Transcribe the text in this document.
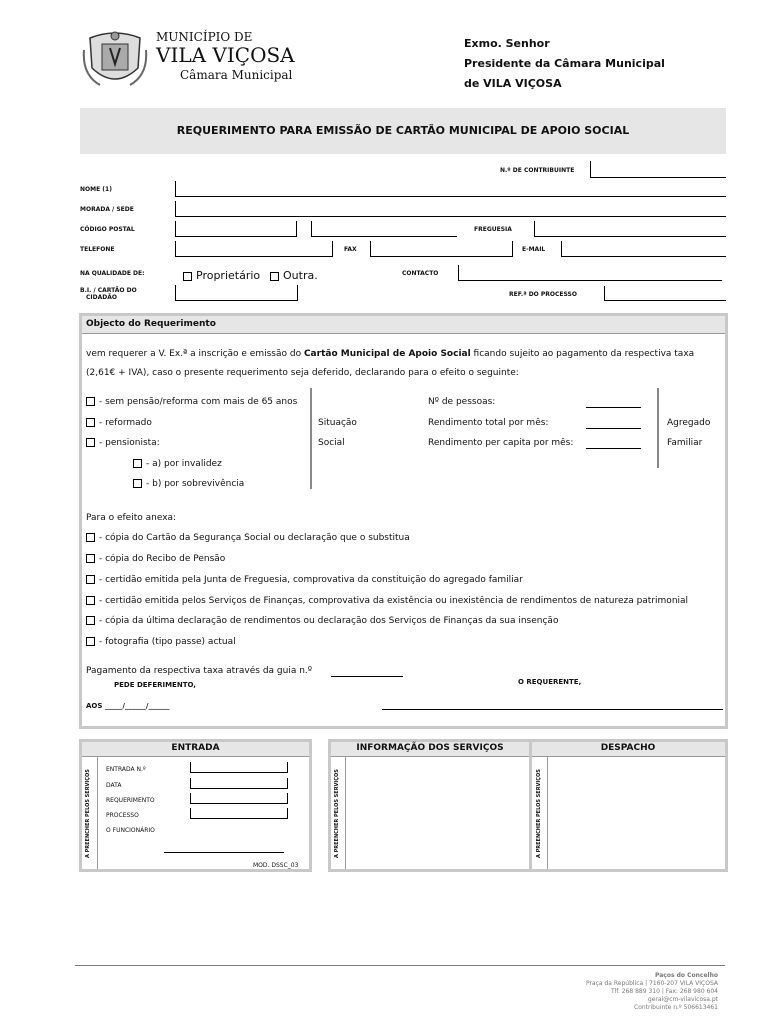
MUNICÍPIO DE
VILA VIÇOSA
Câmara Municipal
Exmo. Senhor
Presidente da Câmara Municipal
de VILA VIÇOSA
REQUERIMENTO PARA EMISSÃO DE CARTÃO MUNICIPAL DE APOIO SOCIAL
N.º DE CONTRIBUINTE
NOME (1)
MORADA / SEDE
CÓDIGO POSTAL	FREGUESIA
TELEFONE	FAX	E-MAIL
NA QUALIDADE DE:	Proprietário	Outra.	CONTACTO
B.I. / CARTÃO DO
CIDADÃO	REF.ª DO PROCESSO
Objecto do Requerimento
vem requerer a V. Ex.ª a inscrição e emissão do Cartão Municipal de Apoio Social ficando sujeito ao pagamento da respectiva taxa
(2,61€ + IVA), caso o presente requerimento seja deferido, declarando para o efeito o seguinte:
- sem pensão/reforma com mais de 65 anos
- reformado
- pensionista:
- a) por invalidez
- b) por sobrevivência
Situação
Social
Nº de pessoas:
Rendimento total por mês:
Rendimento per capita por mês:
Agregado
Familiar
Para o efeito anexa:
- cópia do Cartão da Segurança Social ou declaração que o substitua
- cópia do Recibo de Pensão
- certidão emitida pela Junta de Freguesia, comprovativa da constituição do agregado familiar
- certidão emitida pelos Serviços de Finanças, comprovativa da existência ou inexistência de rendimentos de natureza patrimonial
- cópia da última declaração de rendimentos ou declaração dos Serviços de Finanças da sua insenção
- fotografia (tipo passe) actual
Pagamento da respectiva taxa através da guia n.º
PEDE DEFERIMENTO,	O REQUERENTE,
AOS _____/______/______
ENTRADA
A PREENCHER PELOS SERVIÇOS	ENTRADA N.º
DATA
REQUERIMENTO
PROCESSO
O FUNCIONÁRIO
MOD. DSSC_03
INFORMAÇÃO DOS SERVIÇOS	DESPACHO
A PREENCHER PELOS SERVIÇOS	A PREENCHER PELOS SERVIÇOS
Paços do Concelho
Praça da República | 7160-207 VILA VIÇOSA
Tlf. 268 889 310 | Fax: 268 980 604
geral@cm-vilavicosa.pt
Contribuinte n.º 506613461
